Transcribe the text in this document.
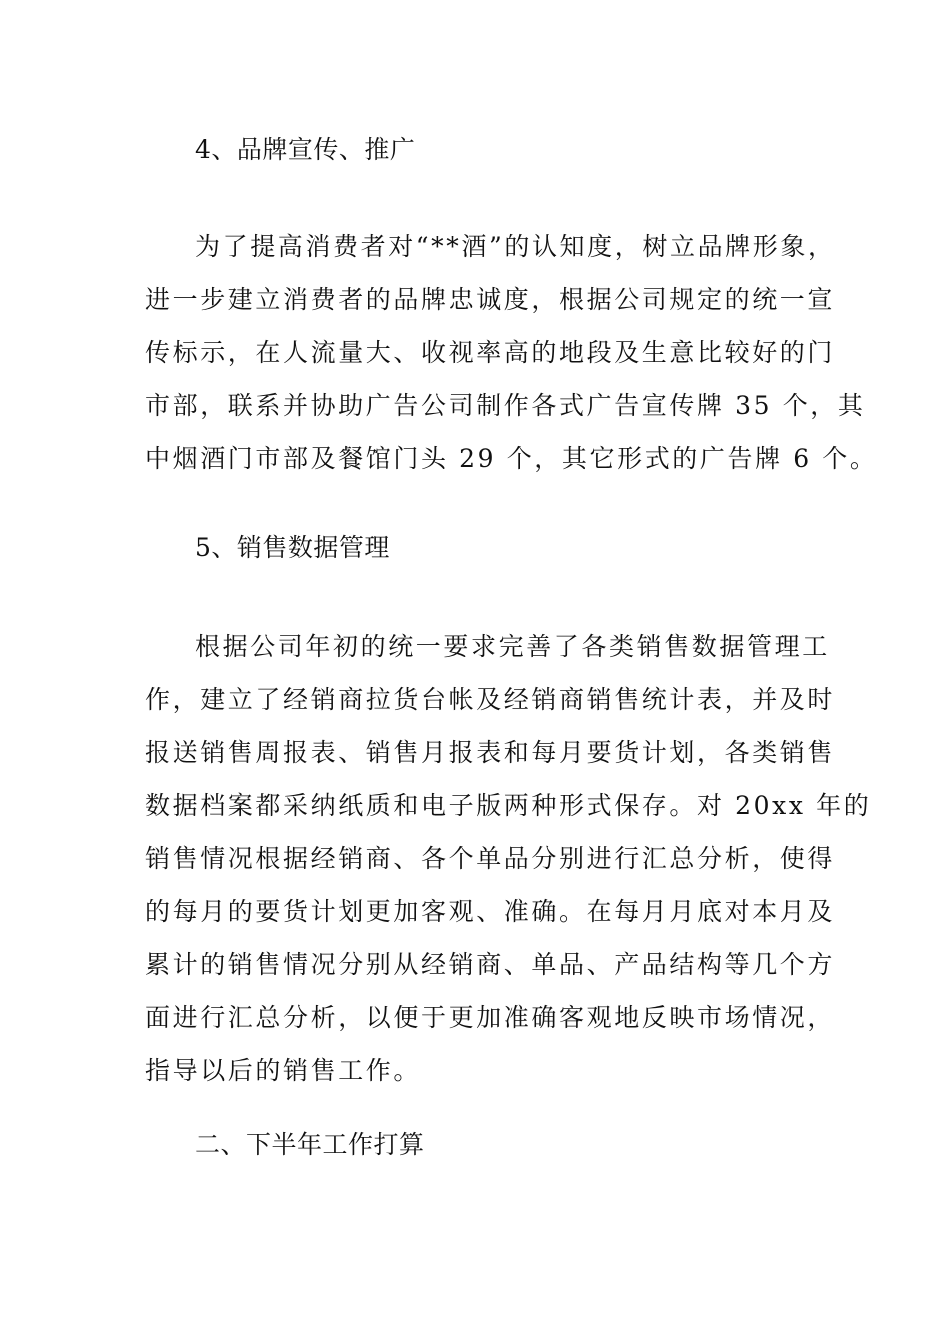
4、品牌宣传、推广
为了提高消费者对“**酒”的认知度，树立品牌形象，
进一步建立消费者的品牌忠诚度，根据公司规定的统一宣
传标示，在人流量大、收视率高的地段及生意比较好的门
市部，联系并协助广告公司制作各式广告宣传牌 35 个，其
中烟酒门市部及餐馆门头 29 个，其它形式的广告牌 6 个。
5、销售数据管理
根据公司年初的统一要求完善了各类销售数据管理工
作，建立了经销商拉货台帐及经销商销售统计表，并及时
报送销售周报表、销售月报表和每月要货计划，各类销售
数据档案都采纳纸质和电子版两种形式保存。对 20xx 年的
销售情况根据经销商、各个单品分别进行汇总分析，使得
的每月的要货计划更加客观、准确。在每月月底对本月及
累计的销售情况分别从经销商、单品、产品结构等几个方
面进行汇总分析，以便于更加准确客观地反映市场情况，
指导以后的销售工作。
二、下半年工作打算
